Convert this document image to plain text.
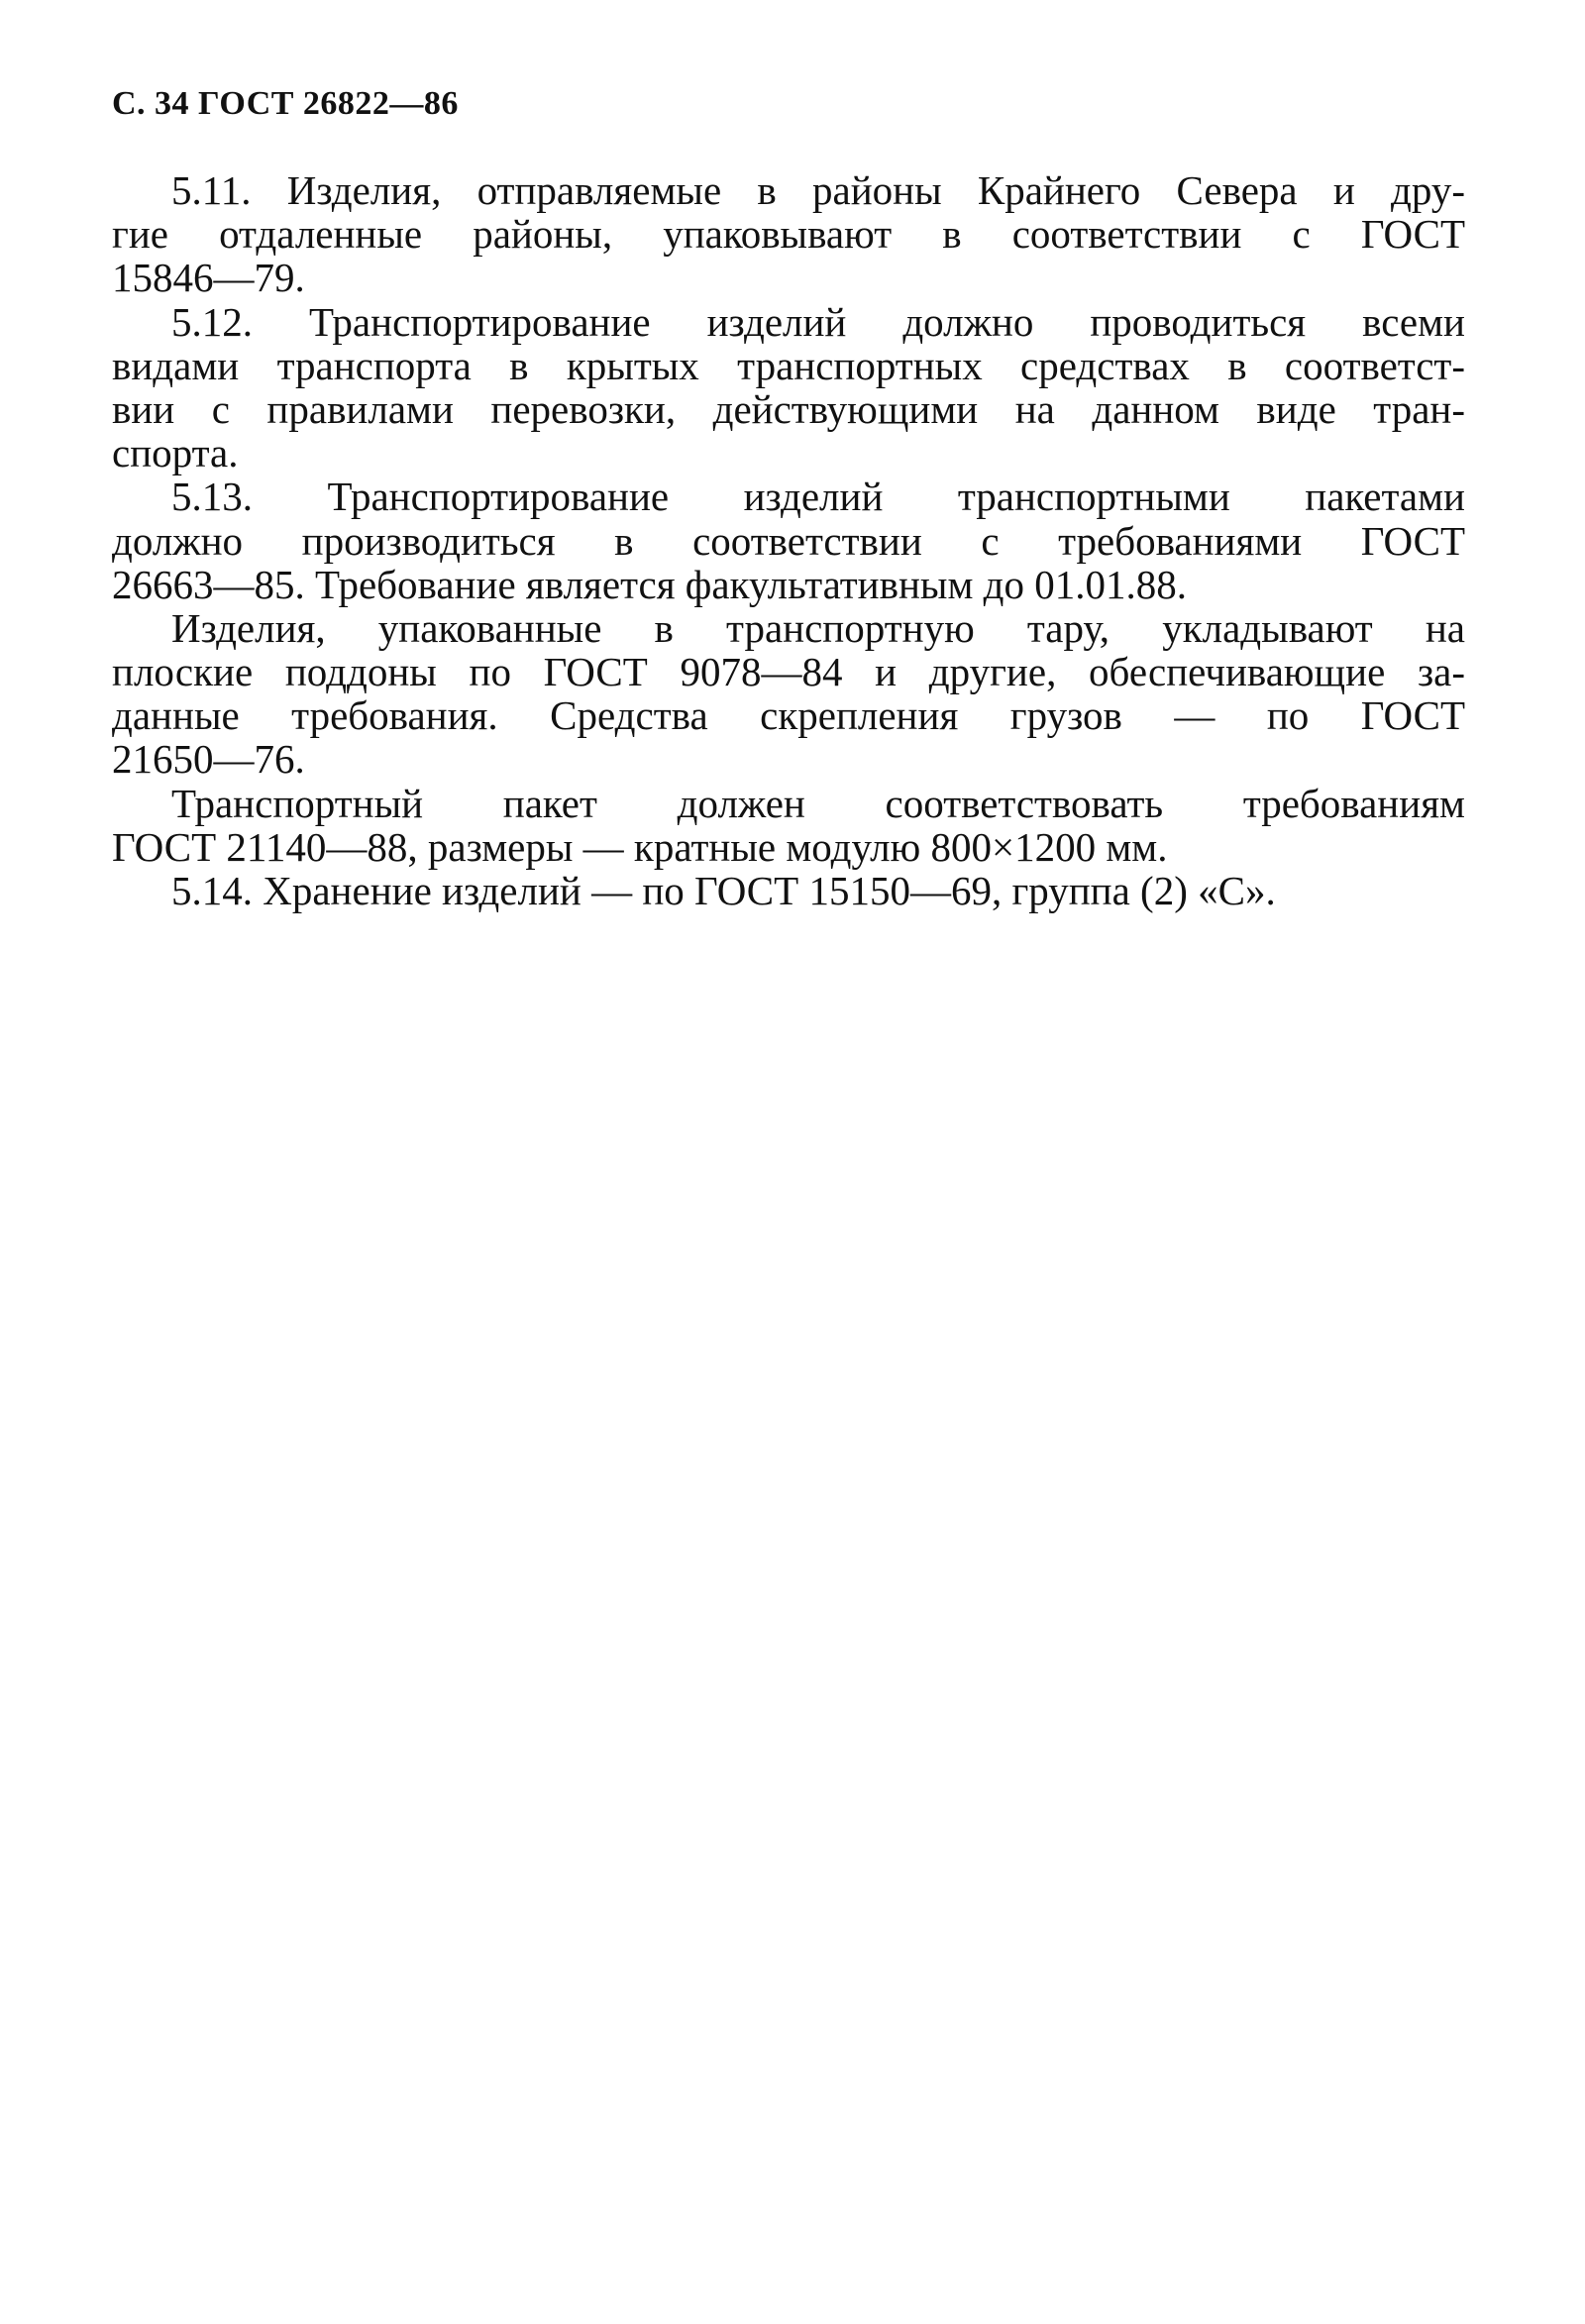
С. 34 ГОСТ 26822—86
5.11. Изделия, отправляемые в районы Крайнего Севера и дру-
гие отдаленные районы, упаковывают в соответствии с ГОСТ
15846—79.
5.12. Транспортирование изделий должно проводиться всеми
видами транспорта в крытых транспортных средствах в соответст-
вии с правилами перевозки, действующими на данном виде тран-
спорта.
5.13. Транспортирование изделий транспортными пакетами
должно производиться в соответствии с требованиями ГОСТ
26663—85. Требование является факультативным до 01.01.88.
Изделия, упакованные в транспортную тару, укладывают на
плоские поддоны по ГОСТ 9078—84 и другие, обеспечивающие за-
данные требования. Средства скрепления грузов — по ГОСТ
21650—76.
Транспортный пакет должен соответствовать требованиям
ГОСТ 21140—88, размеры — кратные модулю 800×1200 мм.
5.14. Хранение изделий — по ГОСТ 15150—69, группа (2) «С».
